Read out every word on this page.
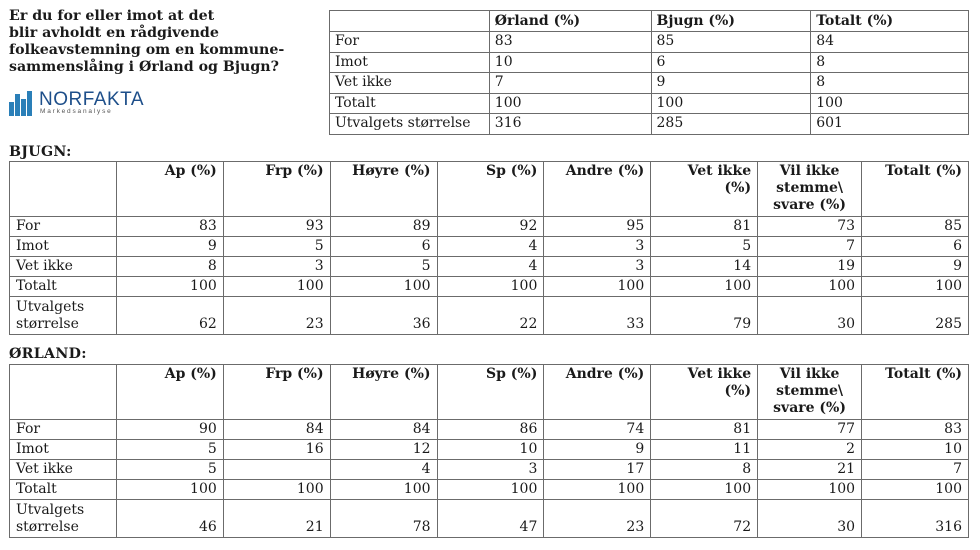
Er du for eller imot at det
blir avholdt en rådgivende
folkeavstemning om en kommune-
sammenslåing i Ørland og Bjugn?
NORFAKTA
Markedsanalyse
	Ørland (%)	Bjugn (%)	Totalt (%)
For	83	85	84
Imot	10	6	8
Vet ikke	7	9	8
Totalt	100	100	100
Utvalgets størrelse	316	285	601
BJUGN:
	Ap (%)	Frp (%)	Høyre (%)	Sp (%)	Andre (%)	Vet ikke (%)	Vil ikke stemme\ svare (%)	Totalt (%)
For	83	93	89	92	95	81	73	85
Imot	9	5	6	4	3	5	7	6
Vet ikke	8	3	5	4	3	14	19	9
Totalt	100	100	100	100	100	100	100	100
Utvalgets størrelse	62	23	36	22	33	79	30	285
ØRLAND:
	Ap (%)	Frp (%)	Høyre (%)	Sp (%)	Andre (%)	Vet ikke (%)	Vil ikke stemme\ svare (%)	Totalt (%)
For	90	84	84	86	74	81	77	83
Imot	5	16	12	10	9	11	2	10
Vet ikke	5		4	3	17	8	21	7
Totalt	100	100	100	100	100	100	100	100
Utvalgets størrelse	46	21	78	47	23	72	30	316
